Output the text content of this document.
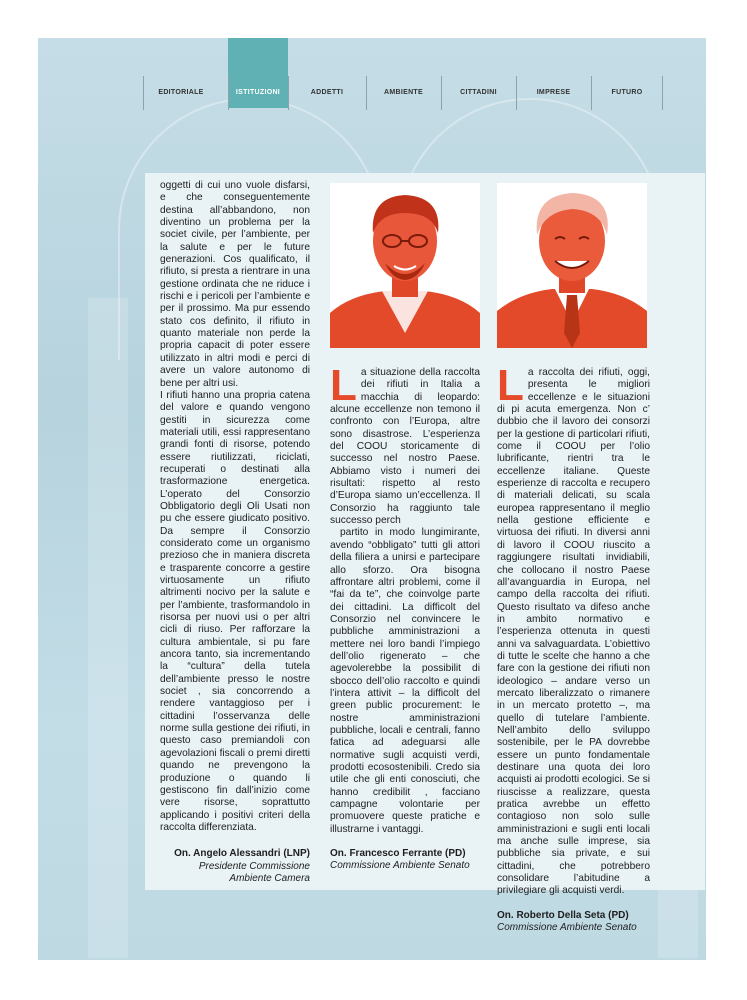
EDITORIALE	ISTITUZIONI	ADDETTI	AMBIENTE	CITTADINI	IMPRESE	FUTURO

oggetti di cui uno vuole disfarsi, e che conseguentemente destina all’abbandono, non diventino un problema per la societ civile, per l’ambiente, per la salute e per le future generazioni. Cos qualificato, il rifiuto, si presta a rientrare in una gestione ordinata che ne riduce i rischi e i pericoli per l’ambiente e per il prossimo. Ma pur essendo stato cos definito, il rifiuto in quanto materiale non perde la propria capacit di poter essere utilizzato in altri modi e perci di avere un valore autonomo di bene per altri usi.

I rifiuti hanno una propria catena del valore e quando vengono gestiti in sicurezza come materiali utili, essi rappresentano grandi fonti di risorse, potendo essere riutilizzati, riciclati, recuperati o destinati alla trasformazione energetica. L’operato del Consorzio Obbligatorio degli Oli Usati non pu che essere giudicato positivo. Da sempre il Consorzio considerato come un organismo prezioso che in maniera discreta e trasparente concorre a gestire virtuosamente un rifiuto altrimenti nocivo per la salute e per l’ambiente, trasformandolo in risorsa per nuovi usi o per altri cicli di riuso. Per rafforzare la cultura ambientale, si pu fare ancora tanto, sia incrementando la “cultura” della tutela dell’ambiente presso le nostre societ , sia concorrendo a rendere vantaggioso per i cittadini l’osservanza delle norme sulla gestione dei rifiuti, in questo caso premiandoli con agevolazioni fiscali o premi diretti quando ne prevengono la produzione o quando li gestiscono fin dall’inizio come vere risorse, soprattutto applicando i positivi criteri della raccolta differenziata.

On. Angelo Alessandri (LNP)
Presidente Commissione
Ambiente Camera

La situazione della raccolta dei rifiuti in Italia a macchia di leopardo: alcune eccellenze non temono il confronto con l’Europa, altre sono disastrose. L’esperienza del COOU storicamente di successo nel nostro Paese. Abbiamo visto i numeri dei risultati: rispetto al resto d’Europa siamo un’eccellenza. Il Consorzio ha raggiunto tale successo perch

partito in modo lungimirante, avendo “obbligato” tutti gli attori della filiera a unirsi e partecipare allo sforzo. Ora bisogna affrontare altri problemi, come il “fai da te”, che coinvolge parte dei cittadini. La difficolt del Consorzio nel convincere le pubbliche amministrazioni a mettere nei loro bandi l’impiego dell’olio rigenerato – che agevolerebbe la possibilit di sbocco dell’olio raccolto e quindi l’intera attivit – la difficolt del green public procurement: le nostre amministrazioni pubbliche, locali e centrali, fanno fatica ad adeguarsi alle normative sugli acquisti verdi, prodotti ecosostenibili. Credo sia utile che gli enti conosciuti, che hanno credibilit , facciano campagne volontarie per promuovere queste pratiche e illustrarne i vantaggi.

On. Francesco Ferrante (PD)
Commissione Ambiente Senato

La raccolta dei rifiuti, oggi, presenta le migliori eccellenze e le situazioni di pi acuta emergenza. Non c’ dubbio che il lavoro dei consorzi per la gestione di particolari rifiuti, come il COOU per l’olio lubrificante, rientri tra le eccellenze italiane. Queste esperienze di raccolta e recupero di materiali delicati, su scala europea rappresentano il meglio nella gestione efficiente e virtuosa dei rifiuti. In diversi anni di lavoro il COOU riuscito a raggiungere risultati invidiabili, che collocano il nostro Paese all’avanguardia in Europa, nel campo della raccolta dei rifiuti. Questo risultato va difeso anche in ambito normativo e l’esperienza ottenuta in questi anni va salvaguardata. L’obiettivo di tutte le scelte che hanno a che fare con la gestione dei rifiuti non ideologico – andare verso un mercato liberalizzato o rimanere in un mercato protetto –, ma quello di tutelare l’ambiente. Nell’ambito dello sviluppo sostenibile, per le PA dovrebbe essere un punto fondamentale destinare una quota dei loro acquisti ai prodotti ecologici. Se si riuscisse a realizzare, questa pratica avrebbe un effetto contagioso non solo sulle amministrazioni e sugli enti locali ma anche sulle imprese, sia pubbliche sia private, e sui cittadini, che potrebbero consolidare l’abitudine a privilegiare gli acquisti verdi.

On. Roberto Della Seta (PD)
Commissione Ambiente Senato
